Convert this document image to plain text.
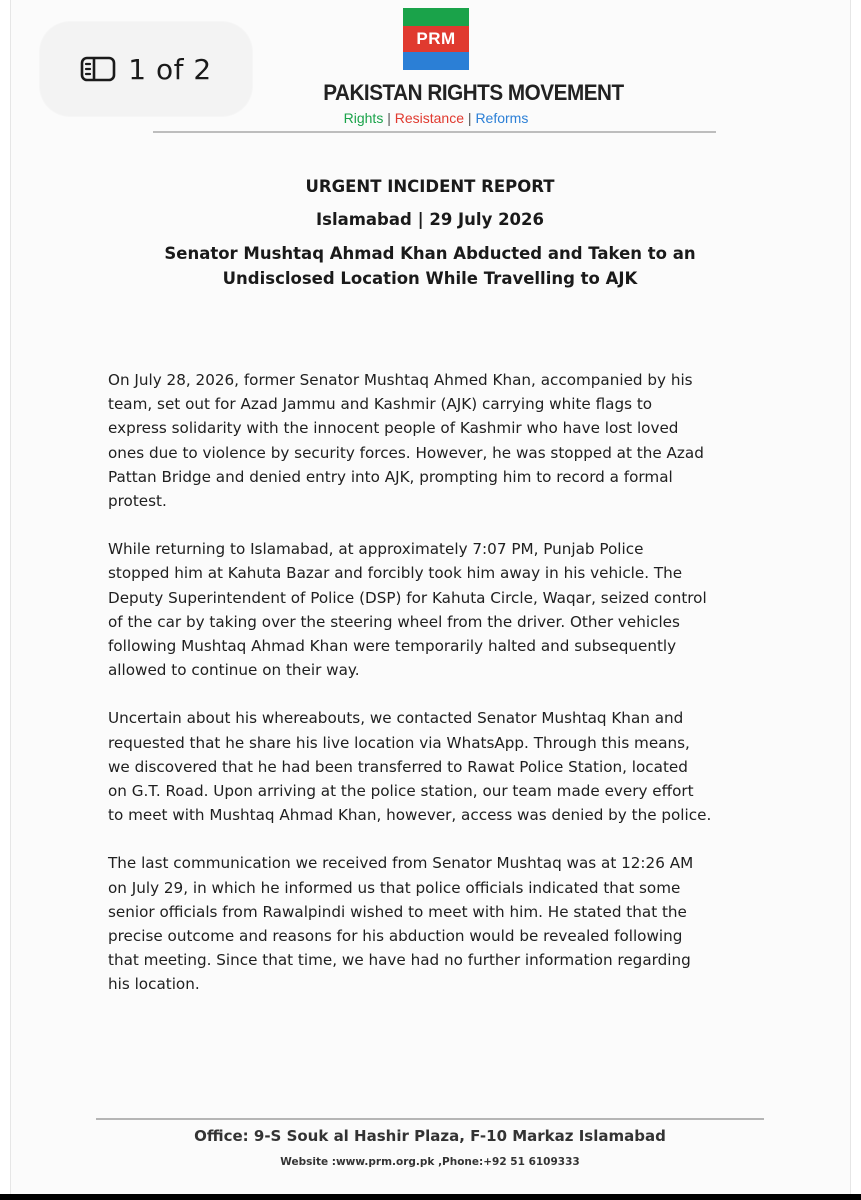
1 of 2
PRM
PAKISTAN RIGHTS MOVEMENT
Rights | Resistance | Reforms
URGENT INCIDENT REPORT
Islamabad | 29 July 2026
Senator Mushtaq Ahmad Khan Abducted and Taken to an
Undisclosed Location While Travelling to AJK

On July 28, 2026, former Senator Mushtaq Ahmed Khan, accompanied by his
team, set out for Azad Jammu and Kashmir (AJK) carrying white flags to
express solidarity with the innocent people of Kashmir who have lost loved
ones due to violence by security forces. However, he was stopped at the Azad
Pattan Bridge and denied entry into AJK, prompting him to record a formal
protest.

While returning to Islamabad, at approximately 7:07 PM, Punjab Police
stopped him at Kahuta Bazar and forcibly took him away in his vehicle. The
Deputy Superintendent of Police (DSP) for Kahuta Circle, Waqar, seized control
of the car by taking over the steering wheel from the driver. Other vehicles
following Mushtaq Ahmad Khan were temporarily halted and subsequently
allowed to continue on their way.

Uncertain about his whereabouts, we contacted Senator Mushtaq Khan and
requested that he share his live location via WhatsApp. Through this means,
we discovered that he had been transferred to Rawat Police Station, located
on G.T. Road. Upon arriving at the police station, our team made every effort
to meet with Mushtaq Ahmad Khan, however, access was denied by the police.

The last communication we received from Senator Mushtaq was at 12:26 AM
on July 29, in which he informed us that police officials indicated that some
senior officials from Rawalpindi wished to meet with him. He stated that the
precise outcome and reasons for his abduction would be revealed following
that meeting. Since that time, we have had no further information regarding
his location.

Office: 9-S Souk al Hashir Plaza, F-10 Markaz Islamabad
Website :www.prm.org.pk ,Phone:+92 51 6109333
